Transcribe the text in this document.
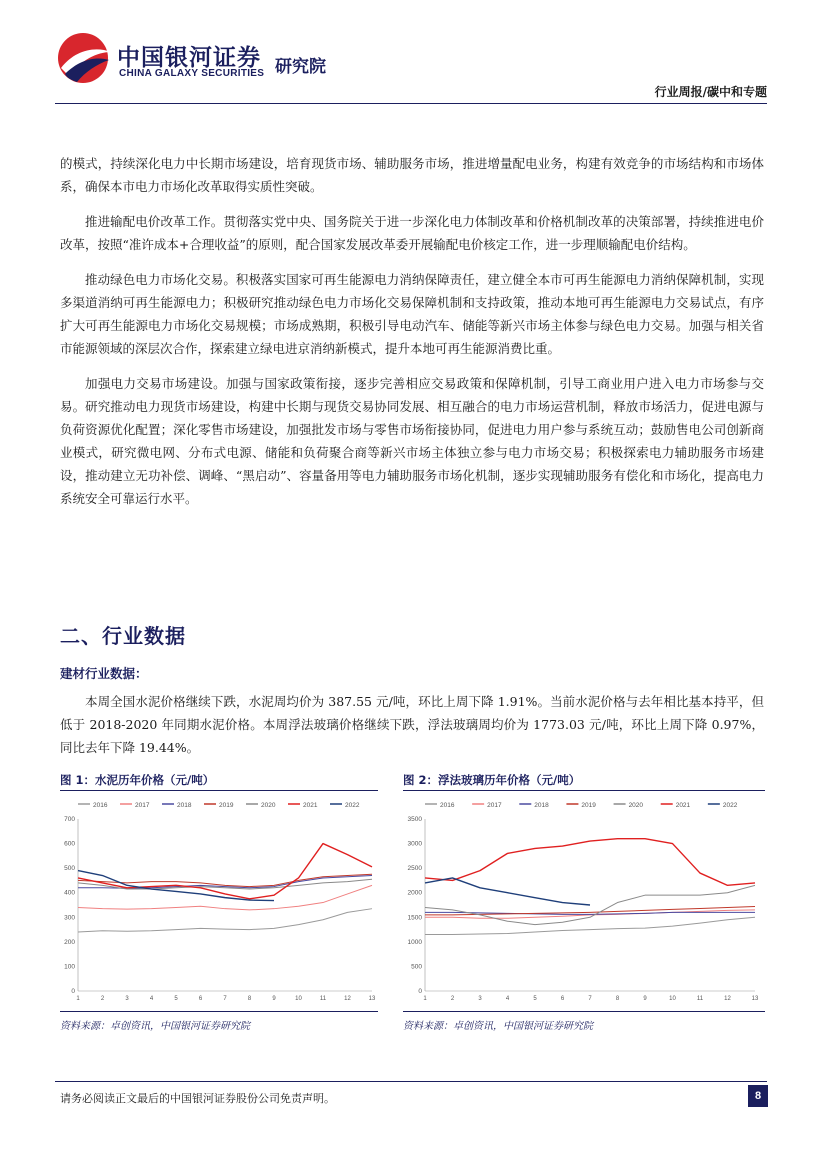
中国银河证券
CHINA GALAXY SECURITIES 研究院
行业周报/碳中和专题

的模式，持续深化电力中长期市场建设，培育现货市场、辅助服务市场，推进增量配电业务，构建有效竞争的市场结构和市场体系，确保本市电力市场化改革取得实质性突破。

推进输配电价改革工作。贯彻落实党中央、国务院关于进一步深化电力体制改革和价格机制改革的决策部署，持续推进电价改革，按照“准许成本+合理收益”的原则，配合国家发展改革委开展输配电价核定工作，进一步理顺输配电价结构。

推动绿色电力市场化交易。积极落实国家可再生能源电力消纳保障责任，建立健全本市可再生能源电力消纳保障机制，实现多渠道消纳可再生能源电力；积极研究推动绿色电力市场化交易保障机制和支持政策，推动本地可再生能源电力交易试点，有序扩大可再生能源电力市场化交易规模；市场成熟期，积极引导电动汽车、储能等新兴市场主体参与绿色电力交易。加强与相关省市能源领域的深层次合作，探索建立绿电进京消纳新模式，提升本地可再生能源消费比重。

加强电力交易市场建设。加强与国家政策衔接，逐步完善相应交易政策和保障机制，引导工商业用户进入电力市场参与交易。研究推动电力现货市场建设，构建中长期与现货交易协同发展、相互融合的电力市场运营机制，释放市场活力，促进电源与负荷资源优化配置；深化零售市场建设，加强批发市场与零售市场衔接协同，促进电力用户参与系统互动；鼓励售电公司创新商业模式，研究微电网、分布式电源、储能和负荷聚合商等新兴市场主体独立参与电力市场交易；积极探索电力辅助服务市场建设，推动建立无功补偿、调峰、“黑启动”、容量备用等电力辅助服务市场化机制，逐步实现辅助服务有偿化和市场化，提高电力系统安全可靠运行水平。

二、行业数据
建材行业数据：

本周全国水泥价格继续下跌，水泥周均价为 387.55 元/吨，环比上周下降 1.91%。当前水泥价格与去年相比基本持平，但低于 2018-2020 年同期水泥价格。本周浮法玻璃价格继续下跌，浮法玻璃周均价为 1773.03 元/吨，环比上周下降 0.97%，同比去年下降 19.44%。

图 1：水泥历年价格（元/吨）
2016	2017	2018	2019	2020	2021	2022
0
100
200
300
400
500
600
700
1	2	3	4	5	6	7	8	9	10	11	12	13
资料来源：卓创资讯，中国银河证券研究院
图 2：浮法玻璃历年价格（元/吨）
2016	2017	2018	2019	2020	2021	2022
0
500
1000
1500
2000
2500
3000
3500
1	2	3	4	5	6	7	8	9	10	11	12	13
资料来源：卓创资讯，中国银河证券研究院
请务必阅读正文最后的中国银河证券股份公司免责声明。	8
